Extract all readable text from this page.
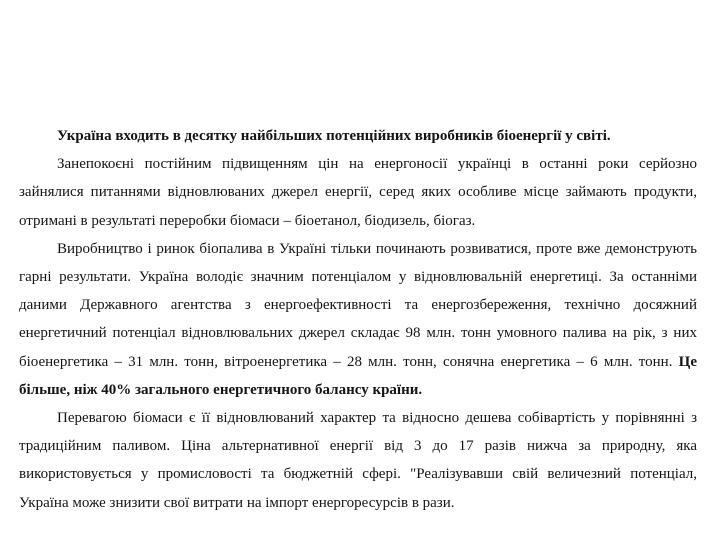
Україна входить в десятку найбільших потенційних виробників біоенергії у світі.

Занепокоєні постійним підвищенням цін на енергоносії українці в останні роки серйозно зайнялися питаннями відновлюваних джерел енергії, серед яких особливе місце займають продукти, отримані в результаті переробки біомаси – біоетанол, біодизель, біогаз.

Виробництво і ринок біопалива в Україні тільки починають розвиватися, проте вже демонструють гарні результати. Україна володіє значним потенціалом у відновлювальній енергетиці. За останніми даними Державного агентства з енергоефективності та енергозбереження, технічно досяжний енергетичний потенціал відновлювальних джерел складає 98 млн. тонн умовного палива на рік, з них біоенергетика – 31 млн. тонн, вітроенергетика – 28 млн. тонн, сонячна енергетика – 6 млн. тонн. Це більше, ніж 40% загального енергетичного балансу країни.

Перевагою біомаси є її відновлюваний характер та відносно дешева собівартість у порівнянні з традиційним паливом. Ціна альтернативної енергії від 3 до 17 разів нижча за природну, яка використовується у промисловості та бюджетній сфері. "Реалізувавши свій величезний потенціал, Україна може знизити свої витрати на імпорт енергоресурсів в рази.
